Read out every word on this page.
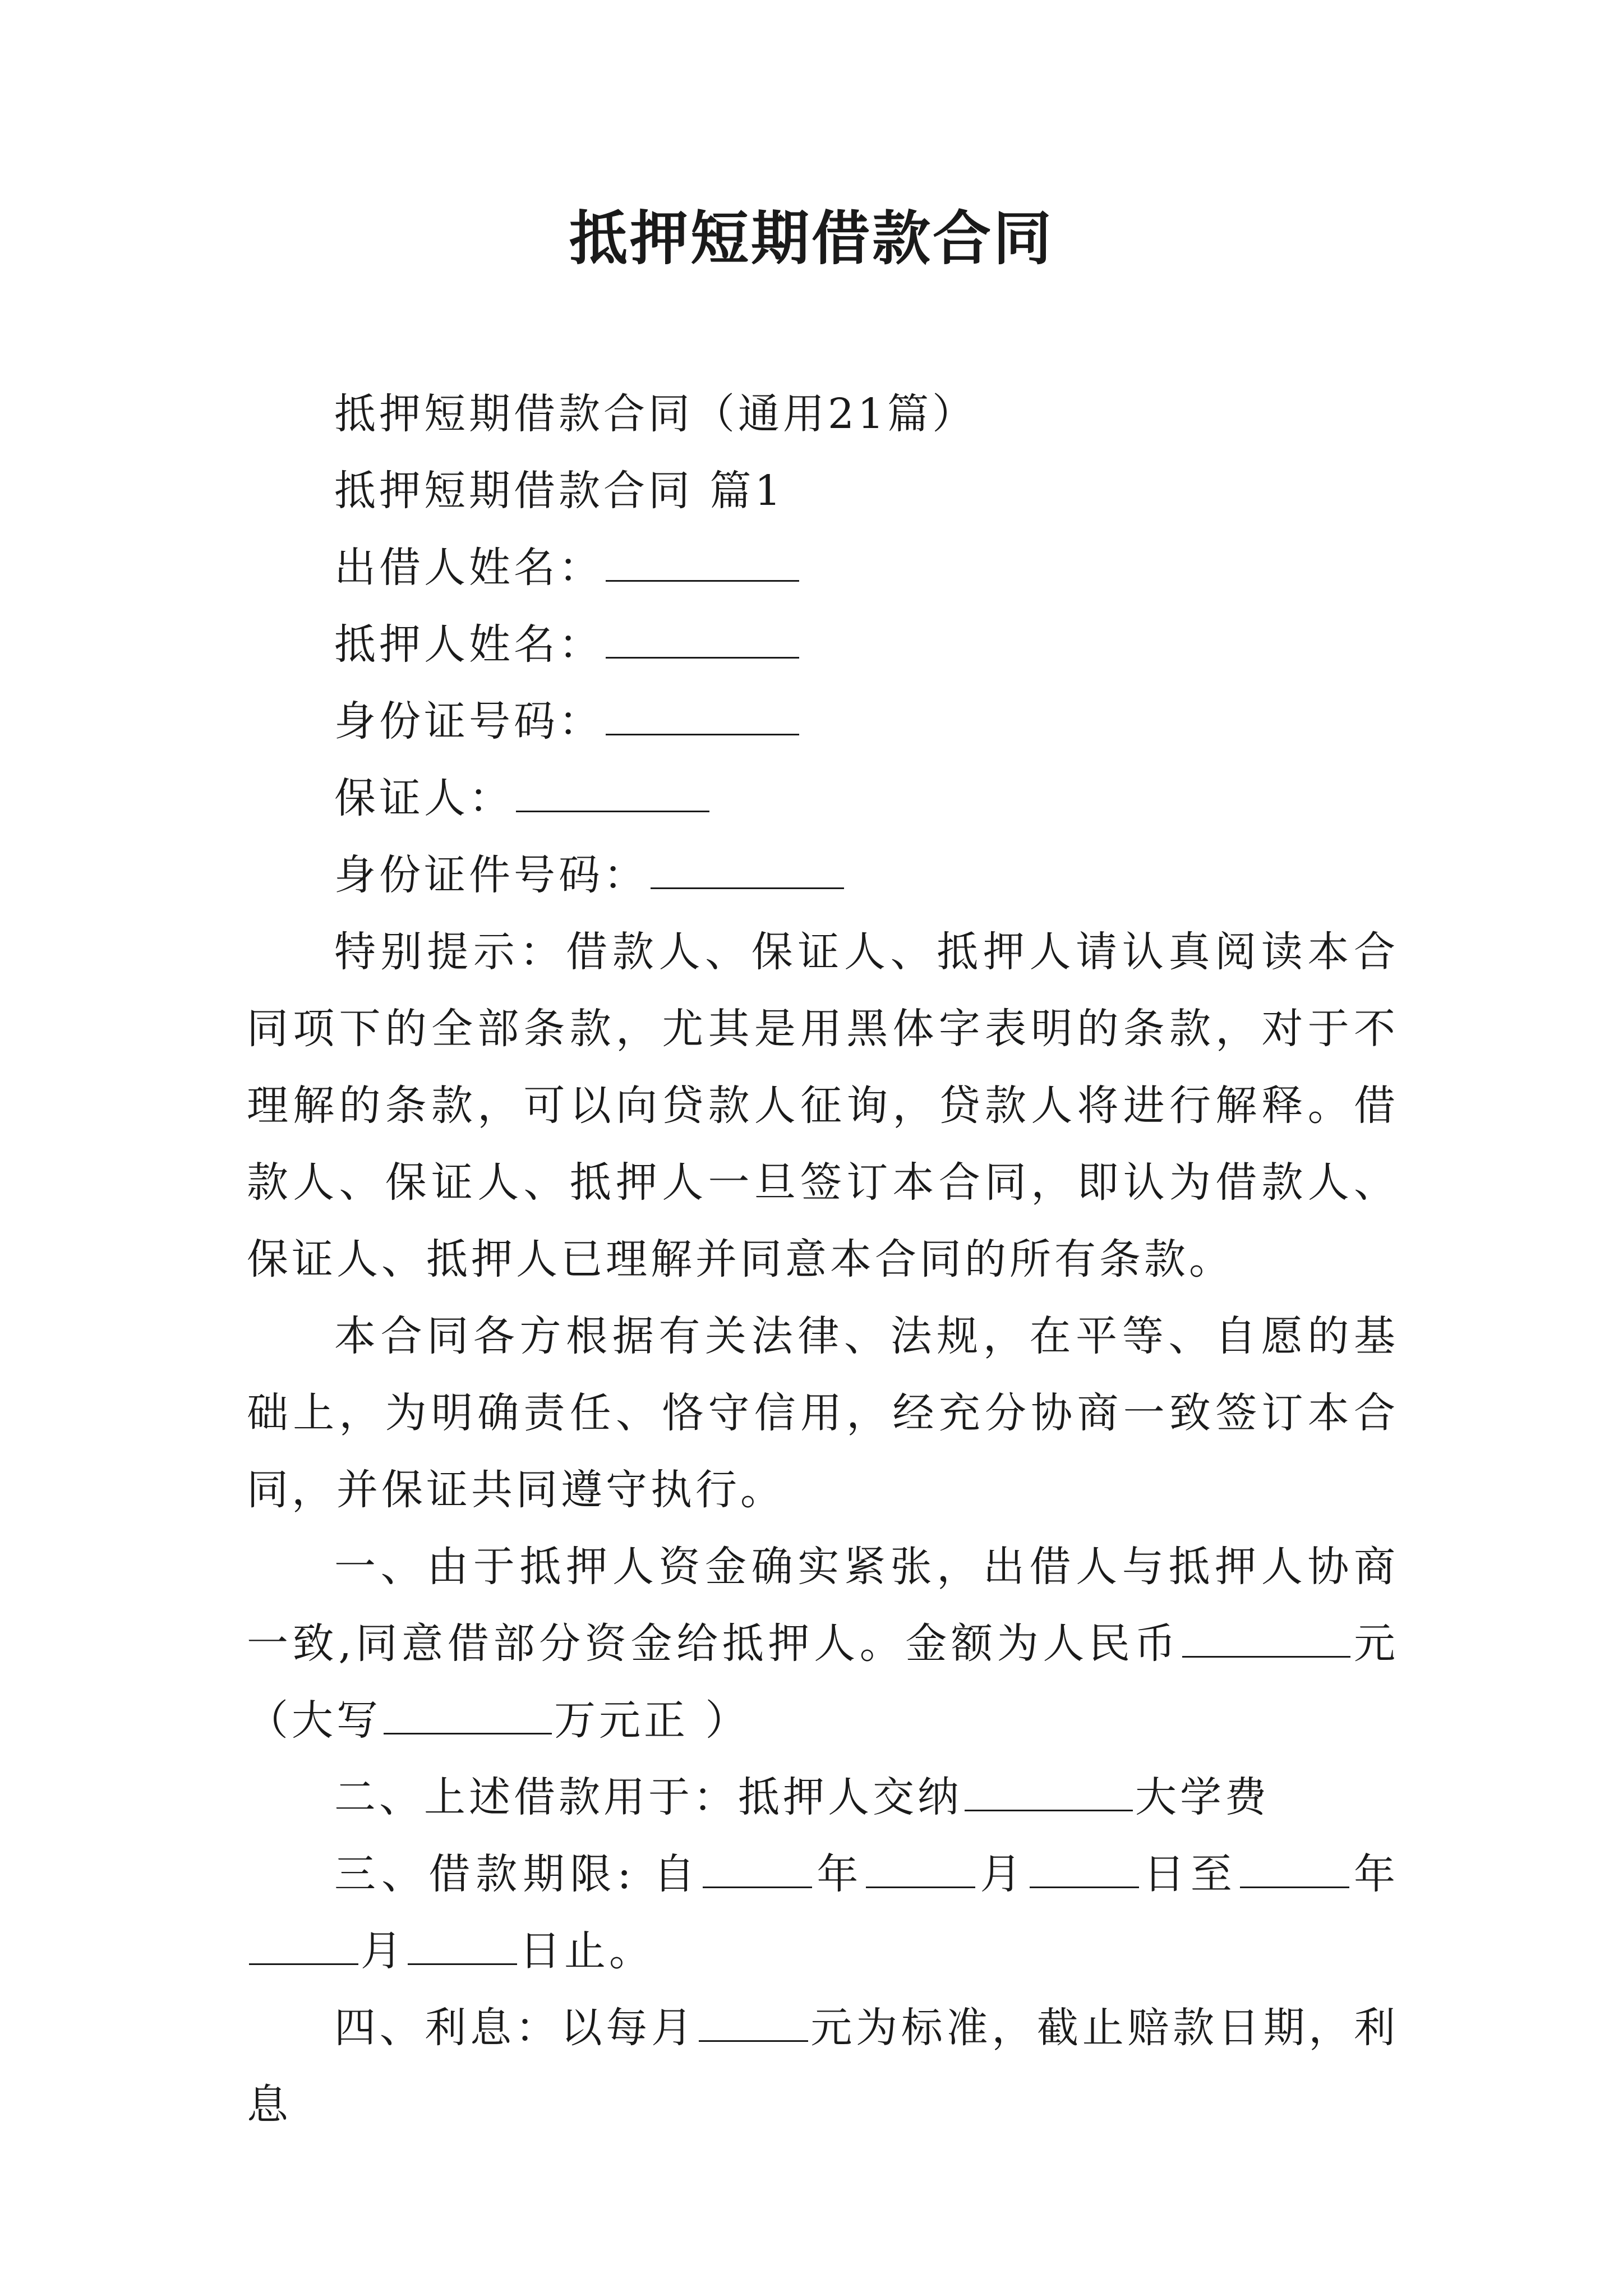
抵押短期借款合同

抵押短期借款合同（通用21篇）

抵押短期借款合同 篇1

出借人姓名：

抵押人姓名：

身份证号码：

保证人：

身份证件号码：

特别提示：借款人、保证人、抵押人请认真阅读本合同项下的全部条款，尤其是用黑体字表明的条款，对于不理解的条款，可以向贷款人征询，贷款人将进行解释。借款人、保证人、抵押人一旦签订本合同，即认为借款人、保证人、抵押人已理解并同意本合同的所有条款。

本合同各方根据有关法律、法规，在平等、自愿的基础上，为明确责任、恪守信用，经充分协商一致签订本合同，并保证共同遵守执行。

一、由于抵押人资金确实紧张，出借人与抵押人协商一致,同意借部分资金给抵押人。金额为人民币	元（大写	万元正 ）

二、上述借款用于：抵押人交纳	大学费

三、借款期限: 自	年	月	日至	年月	日止。

四、利息：以每月	元为标准，截止赔款日期，利息
